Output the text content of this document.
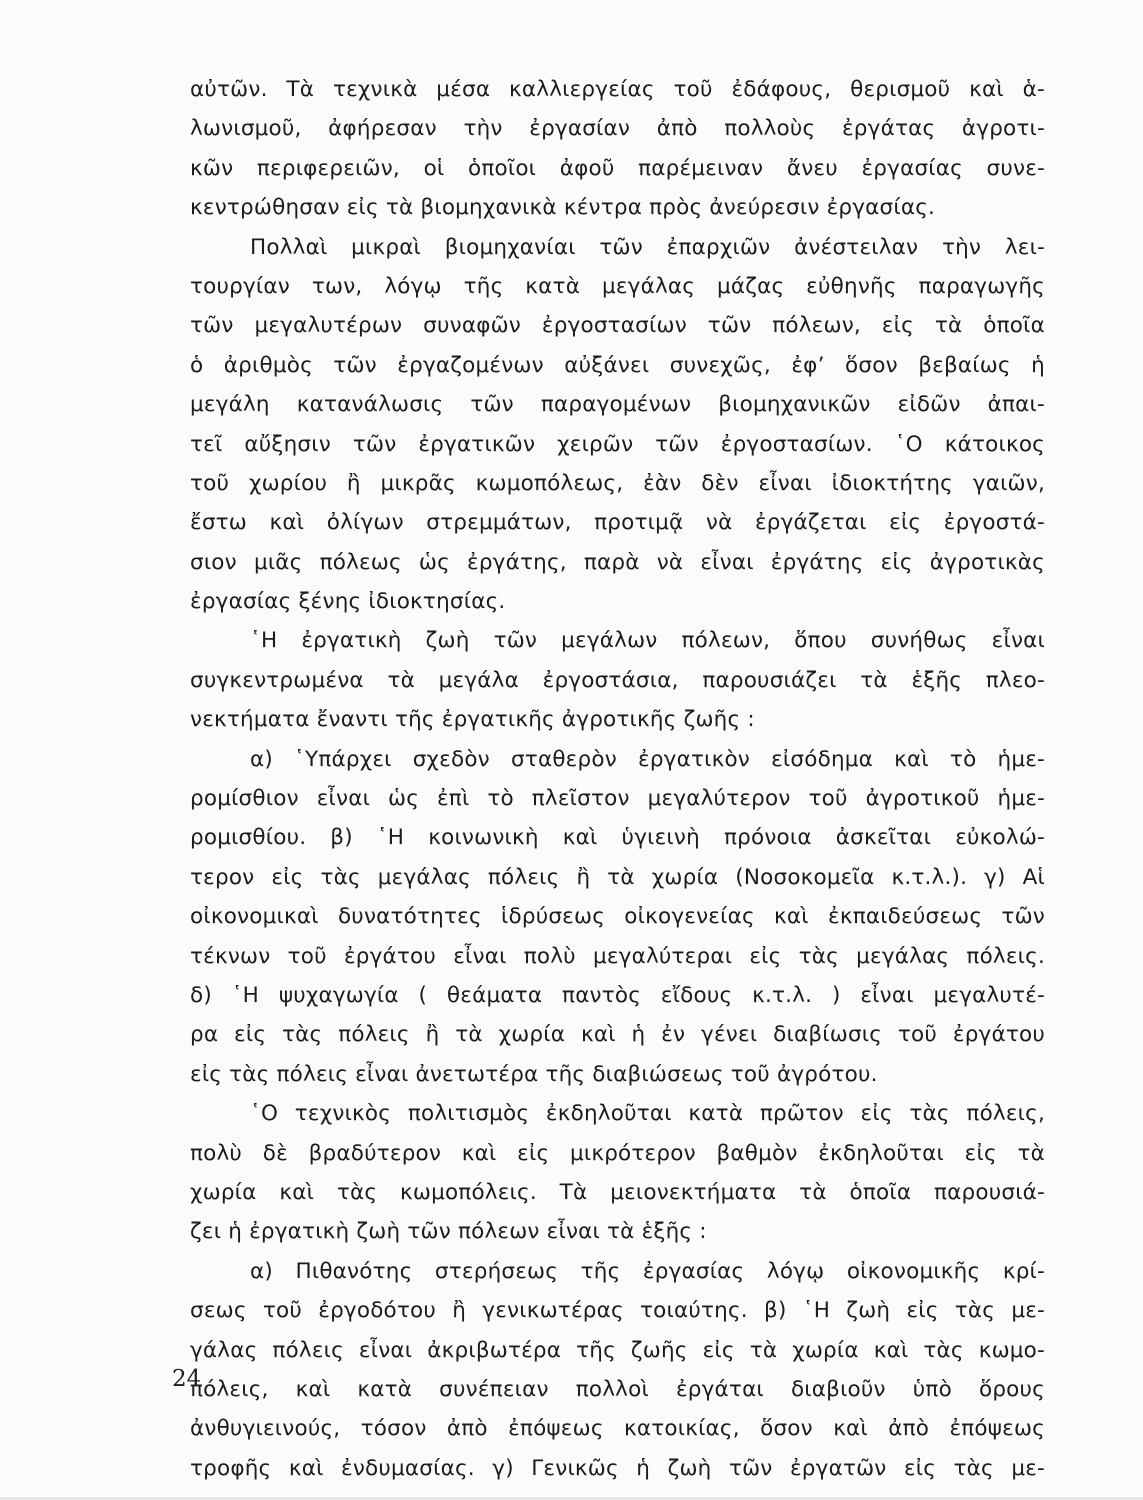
αὐτῶν. Τὰ τεχνικὰ μέσα καλλιεργείας τοῦ ἐδάφους, θερισμοῦ καὶ ἁ-
λωνισμοῦ, ἀφήρεσαν τὴν ἐργασίαν ἀπὸ πολλοὺς ἐργάτας ἀγροτι-
κῶν περιφερειῶν, οἱ ὁποῖοι ἀφοῦ παρέμειναν ἄνευ ἐργασίας συνε-
κεντρώθησαν εἰς τὰ βιομηχανικὰ κέντρα πρὸς ἀνεύρεσιν ἐργασίας.
Πολλαὶ μικραὶ βιομηχανίαι τῶν ἐπαρχιῶν ἀνέστειλαν τὴν λει-
τουργίαν των, λόγῳ τῆς κατὰ μεγάλας μάζας εὐθηνῆς παραγωγῆς
τῶν μεγαλυτέρων συναφῶν ἐργοστασίων τῶν πόλεων, εἰς τὰ ὁποῖα
ὁ ἀριθμὸς τῶν ἐργαζομένων αὐξάνει συνεχῶς, ἐφ’ ὅσον βεβαίως ἡ
μεγάλη κατανάλωσις τῶν παραγομένων βιομηχανικῶν εἰδῶν ἀπαι-
τεῖ αὔξησιν τῶν ἐργατικῶν χειρῶν τῶν ἐργοστασίων. ῾Ο κάτοικος
τοῦ χωρίου ἢ μικρᾶς κωμοπόλεως, ἐὰν δὲν εἶναι ἰδιοκτήτης γαιῶν,
ἔστω καὶ ὀλίγων στρεμμάτων, προτιμᾷ νὰ ἐργάζεται εἰς ἐργοστά-
σιον μιᾶς πόλεως ὡς ἐργάτης, παρὰ νὰ εἶναι ἐργάτης εἰς ἀγροτικὰς
ἐργασίας ξένης ἰδιοκτησίας.
῾Η ἐργατικὴ ζωὴ τῶν μεγάλων πόλεων, ὅπου συνήθως εἶναι
συγκεντρωμένα τὰ μεγάλα ἐργοστάσια, παρουσιάζει τὰ ἑξῆς πλεο-
νεκτήματα ἔναντι τῆς ἐργατικῆς ἀγροτικῆς ζωῆς :
α) ῾Υπάρχει σχεδὸν σταθερὸν ἐργατικὸν εἰσόδημα καὶ τὸ ἡμε-
ρομίσθιον εἶναι ὡς ἐπὶ τὸ πλεῖστον μεγαλύτερον τοῦ ἀγροτικοῦ ἡμε-
ρομισθίου. β) ῾Η κοινωνικὴ καὶ ὑγιεινὴ πρόνοια ἀσκεῖται εὐκολώ-
τερον εἰς τὰς μεγάλας πόλεις ἢ τὰ χωρία (Νοσοκομεῖα κ.τ.λ.). γ) Αἱ
οἰκονομικαὶ δυνατότητες ἱδρύσεως οἰκογενείας καὶ ἐκπαιδεύσεως τῶν
τέκνων τοῦ ἐργάτου εἶναι πολὺ μεγαλύτεραι εἰς τὰς μεγάλας πόλεις.
δ) ῾Η ψυχαγωγία ( θεάματα παντὸς εἴδους κ.τ.λ. ) εἶναι μεγαλυτέ-
ρα εἰς τὰς πόλεις ἢ τὰ χωρία καὶ ἡ ἐν γένει διαβίωσις τοῦ ἐργάτου
εἰς τὰς πόλεις εἶναι ἀνετωτέρα τῆς διαβιώσεως τοῦ ἀγρότου.
῾Ο τεχνικὸς πολιτισμὸς ἐκδηλοῦται κατὰ πρῶτον εἰς τὰς πόλεις,
πολὺ δὲ βραδύτερον καὶ εἰς μικρότερον βαθμὸν ἐκδηλοῦται εἰς τὰ
χωρία καὶ τὰς κωμοπόλεις. Τὰ μειονεκτήματα τὰ ὁποῖα παρουσιά-
ζει ἡ ἐργατικὴ ζωὴ τῶν πόλεων εἶναι τὰ ἑξῆς :
α) Πιθανότης στερήσεως τῆς ἐργασίας λόγῳ οἰκονομικῆς κρί-
σεως τοῦ ἐργοδότου ἢ γενικωτέρας τοιαύτης. β) ῾Η ζωὴ εἰς τὰς με-
γάλας πόλεις εἶναι ἀκριβωτέρα τῆς ζωῆς εἰς τὰ χωρία καὶ τὰς κωμο-
πόλεις, καὶ κατὰ συνέπειαν πολλοὶ ἐργάται διαβιοῦν ὑπὸ ὅρους
ἀνθυγιεινούς, τόσον ἀπὸ ἐπόψεως κατοικίας, ὅσον καὶ ἀπὸ ἐπόψεως
τροφῆς καὶ ἐνδυμασίας. γ) Γενικῶς ἡ ζωὴ τῶν ἐργατῶν εἰς τὰς με-
24
